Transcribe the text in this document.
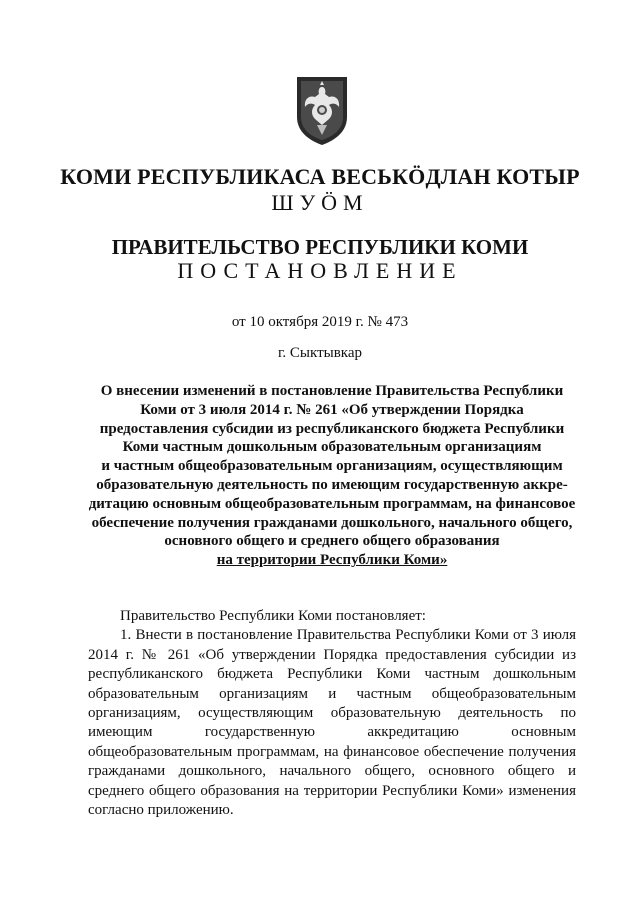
КОМИ РЕСПУБЛИКАСА ВЕСЬКÖДЛАН КОТЫР
ШУÖМ
ПРАВИТЕЛЬСТВО РЕСПУБЛИКИ КОМИ
ПОСТАНОВЛЕНИЕ
от 10 октября 2019 г. № 473
г. Сыктывкар
О внесении изменений в постановление Правительства Республики
Коми от 3 июля 2014 г. № 261 «Об утверждении Порядка
предоставления субсидии из республиканского бюджета Республики
Коми частным дошкольным образовательным организациям
и частным общеобразовательным организациям, осуществляющим
образовательную деятельность по имеющим государственную аккре-
дитацию основным общеобразовательным программам, на финансовое
обеспечение получения гражданами дошкольного, начального общего,
основного общего и среднего общего образования
на территории Республики Коми»

Правительство Республики Коми постановляет:

1. Внести в постановление Правительства Республики Коми от 3 июля 2014 г. № 261 «Об утверждении Порядка предоставления субсидии из республиканского бюджета Республики Коми частным дошкольным образовательным организациям и частным общеобразовательным организациям, осуществляющим образовательную деятельность по имеющим государственную аккредитацию основным общеобразовательным программам, на финансовое обеспечение получения гражданами дошкольного, начального общего, основного общего и среднего общего образования на территории Республики Коми» изменения согласно приложению.
